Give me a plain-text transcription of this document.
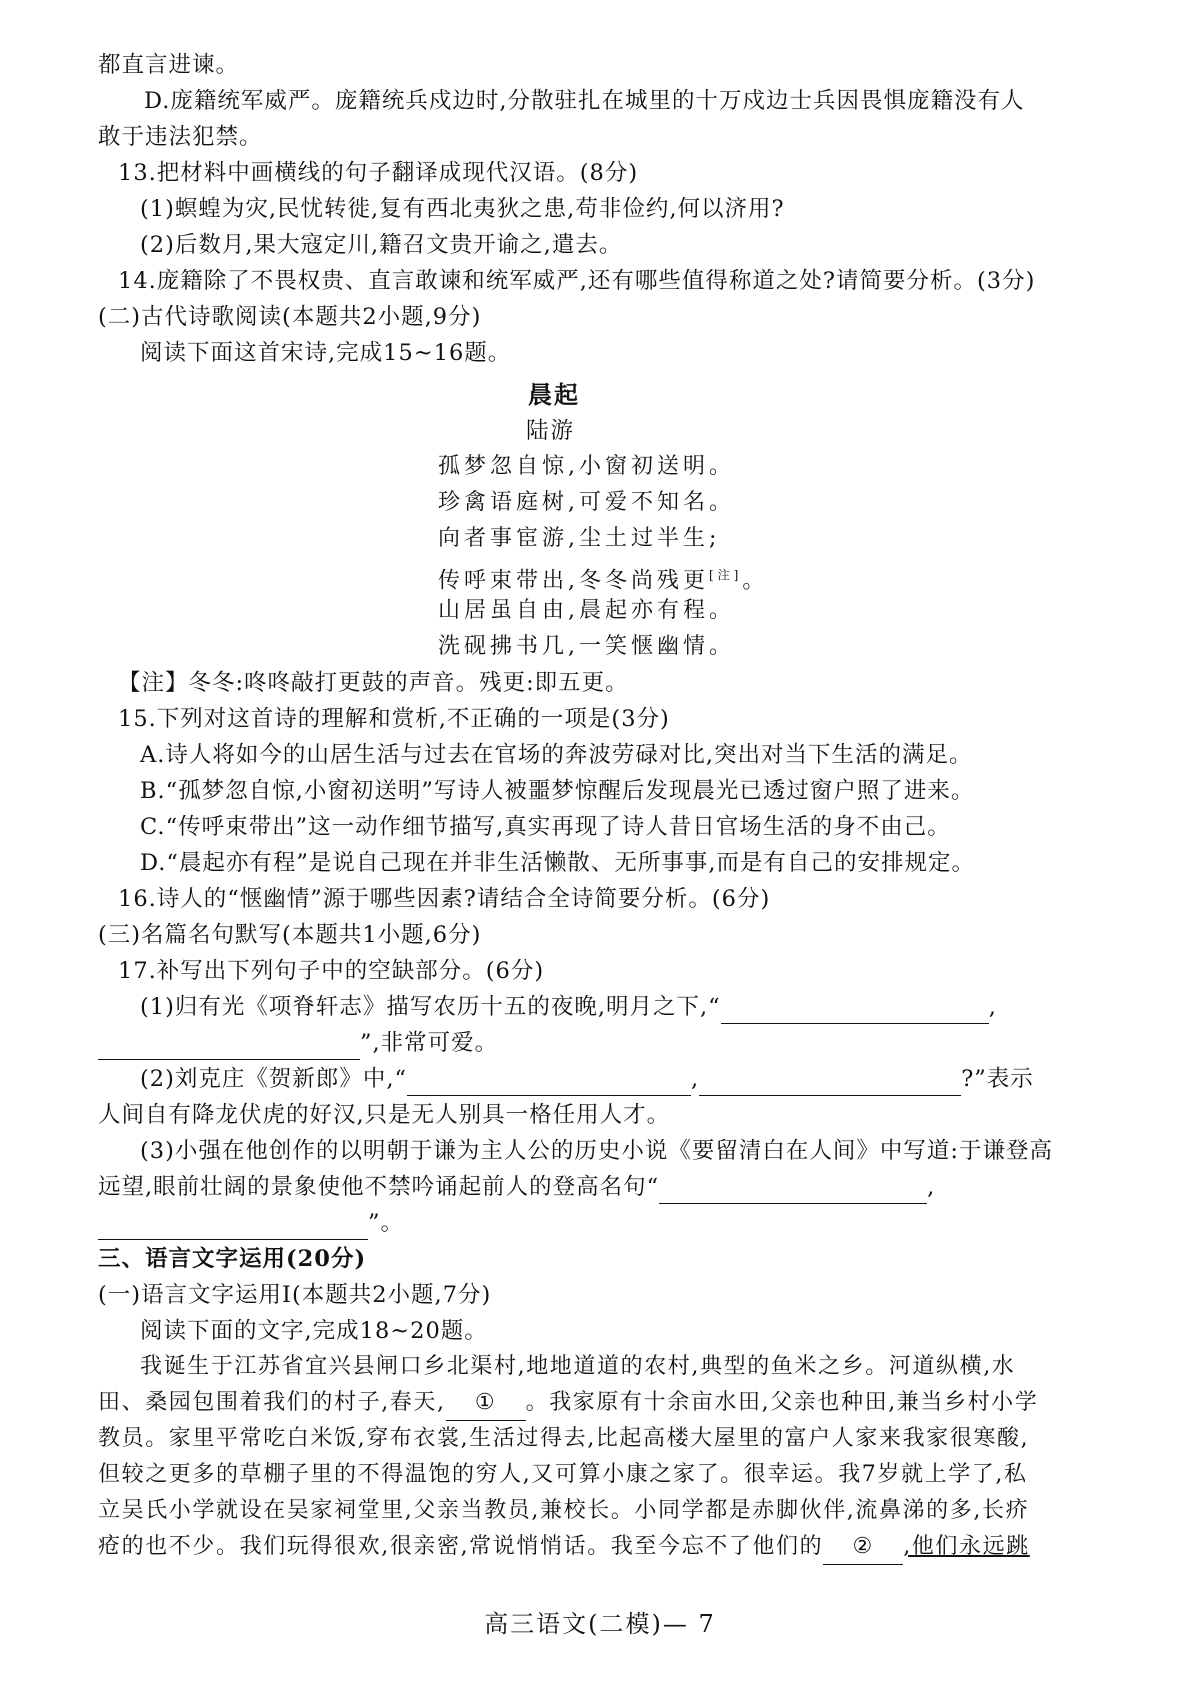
都直言进谏。
D.庞籍统军威严。庞籍统兵戍边时,分散驻扎在城里的十万戍边士兵因畏惧庞籍没有人
敢于违法犯禁。
13.把材料中画横线的句子翻译成现代汉语。(8分)
(1)螟蝗为灾,民忧转徙,复有西北夷狄之患,苟非俭约,何以济用?
(2)后数月,果大寇定川,籍召文贵开谕之,遣去。
14.庞籍除了不畏权贵、直言敢谏和统军威严,还有哪些值得称道之处?请简要分析。(3分)
(二)古代诗歌阅读(本题共2小题,9分)
阅读下面这首宋诗,完成15~16题。
晨起
陆游
孤梦忽自惊,小窗初送明。
珍禽语庭树,可爱不知名。
向者事宦游,尘土过半生;
传呼束带出,冬冬尚残更[注]。
山居虽自由,晨起亦有程。
洗砚拂书几,一笑惬幽情。
【注】冬冬:咚咚敲打更鼓的声音。残更:即五更。
15.下列对这首诗的理解和赏析,不正确的一项是(3分)
A.诗人将如今的山居生活与过去在官场的奔波劳碌对比,突出对当下生活的满足。
B.“孤梦忽自惊,小窗初送明”写诗人被噩梦惊醒后发现晨光已透过窗户照了进来。
C.“传呼束带出”这一动作细节描写,真实再现了诗人昔日官场生活的身不由己。
D.“晨起亦有程”是说自己现在并非生活懒散、无所事事,而是有自己的安排规定。
16.诗人的“惬幽情”源于哪些因素?请结合全诗简要分析。(6分)
(三)名篇名句默写(本题共1小题,6分)
17.补写出下列句子中的空缺部分。(6分)
(1)归有光《项脊轩志》描写农历十五的夜晚,明月之下,“	,
”,非常可爱。
(2)刘克庄《贺新郎》中,“	,	?”表示
人间自有降龙伏虎的好汉,只是无人别具一格任用人才。
(3)小强在他创作的以明朝于谦为主人公的历史小说《要留清白在人间》中写道:于谦登高
远望,眼前壮阔的景象使他不禁吟诵起前人的登高名句“	,
”。
三、语言文字运用(20分)
(一)语言文字运用Ⅰ(本题共2小题,7分)
阅读下面的文字,完成18~20题。
我诞生于江苏省宜兴县闸口乡北渠村,地地道道的农村,典型的鱼米之乡。河道纵横,水
田、桑园包围着我们的村子,春天, ① 。我家原有十余亩水田,父亲也种田,兼当乡村小学
教员。家里平常吃白米饭,穿布衣裳,生活过得去,比起高楼大屋里的富户人家来我家很寒酸,
但较之更多的草棚子里的不得温饱的穷人,又可算小康之家了。很幸运。我7岁就上学了,私
立吴氏小学就设在吴家祠堂里,父亲当教员,兼校长。小同学都是赤脚伙伴,流鼻涕的多,长疥
疮的也不少。我们玩得很欢,很亲密,常说悄悄话。我至今忘不了他们的 ② ,他们永远跳
高三语文(二模)— 7
